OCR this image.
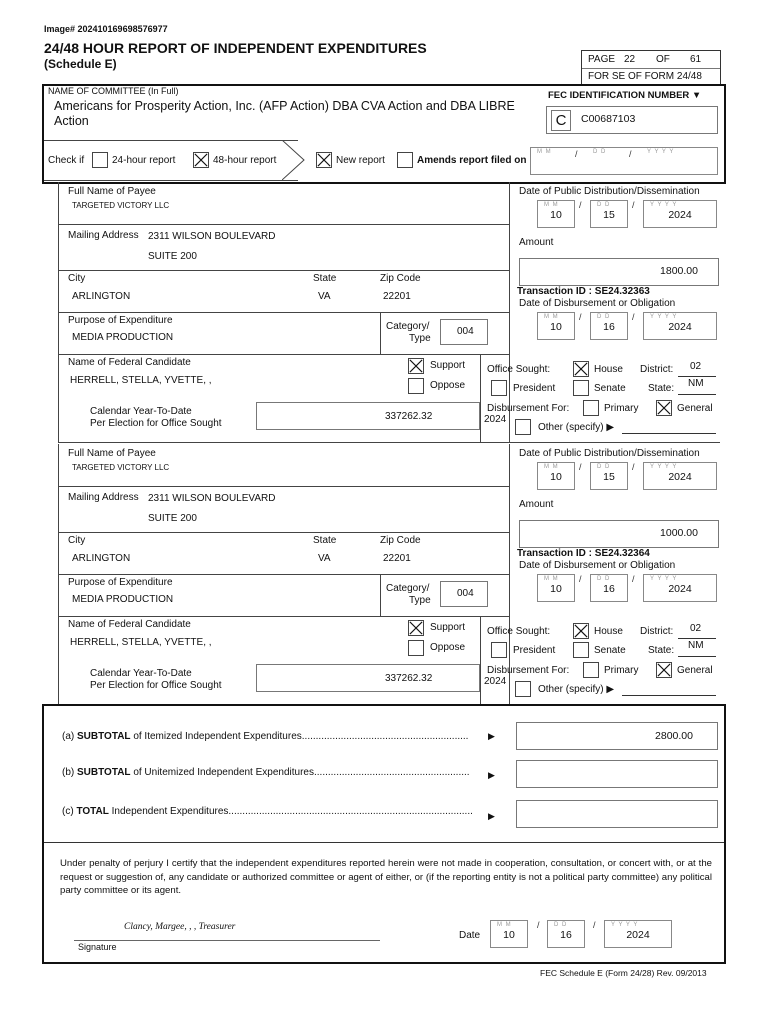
Image# 202410169698576977
24/48 HOUR REPORT OF INDEPENDENT EXPENDITURES
(Schedule E)	PAGE 22 OF 61
FOR SE OF FORM 24/48
NAME OF COMMITTEE (In Full)
Americans for Prosperity Action, Inc. (AFP Action) DBA CVA Action and DBA LIBRE Action
FEC IDENTIFICATION NUMBER ▼
C	C00687103
Check if	24-hour report	48-hour report	New report	Amends report filed on
M M	/	D D	/	Y Y Y Y
Full Name of Payee
TARGETED VICTORY LLC
Mailing Address 2311 WILSON BOULEVARD
SUITE 200
City
ARLINGTON
State
VA
Zip Code
22201
Purpose of Expenditure
MEDIA PRODUCTION
Category/
Type
004
Name of Federal Candidate
HERRELL, STELLA, YVETTE, ,
Support
Oppose
337262.32
Calendar Year-To-Date
Per Election for Office Sought
Date of Public Distribution/Dissemination
M M
10
/	D D
15
/	Y Y Y Y
2024
Amount
1800.00
Transaction ID : SE24.32363
Date of Disbursement or Obligation
M M
10
/	D D
16
/	Y Y Y Y
2024
Office Sought:	House District: 02
President	Senate State: NM
Disbursement For:
2024
Primary	General
Other (specify) ▶
Full Name of Payee
TARGETED VICTORY LLC
Mailing Address 2311 WILSON BOULEVARD
SUITE 200
City
ARLINGTON
State
VA
Zip Code
22201
Purpose of Expenditure
MEDIA PRODUCTION
Category/
Type
004
Name of Federal Candidate
HERRELL, STELLA, YVETTE, ,
Support
Oppose
337262.32
Calendar Year-To-Date
Per Election for Office Sought
Date of Public Distribution/Dissemination
M M
10
/	D D
15
/	Y Y Y Y
2024
Amount
1000.00
Transaction ID : SE24.32364
Date of Disbursement or Obligation
M M
10
/	D D
16
/	Y Y Y Y
2024
Office Sought:	House District: 02
President	Senate State: NM
Disbursement For:
2024
Primary	General
Other (specify) ▶
(a) SUBTOTAL of Itemized Independent Expenditures............................................................ ▶	2800.00
(b) SUBTOTAL of Unitemized Independent Expenditures........................................................ ▶
(c) TOTAL Independent Expenditures........................................................................................ ▶
Under penalty of perjury I certify that the independent expenditures reported herein were not made in cooperation, consultation, or concert with, or at the request or suggestion of, any candidate or authorized committee or agent of either, or (if the reporting entity is not a political party committee) any political party committee or its agent.
Clancy, Margee, , , Treasurer
Signature
Date
M M
10
/ D D
16
/	Y Y Y Y
2024
FEC Schedule E (Form 24/28) Rev. 09/2013
